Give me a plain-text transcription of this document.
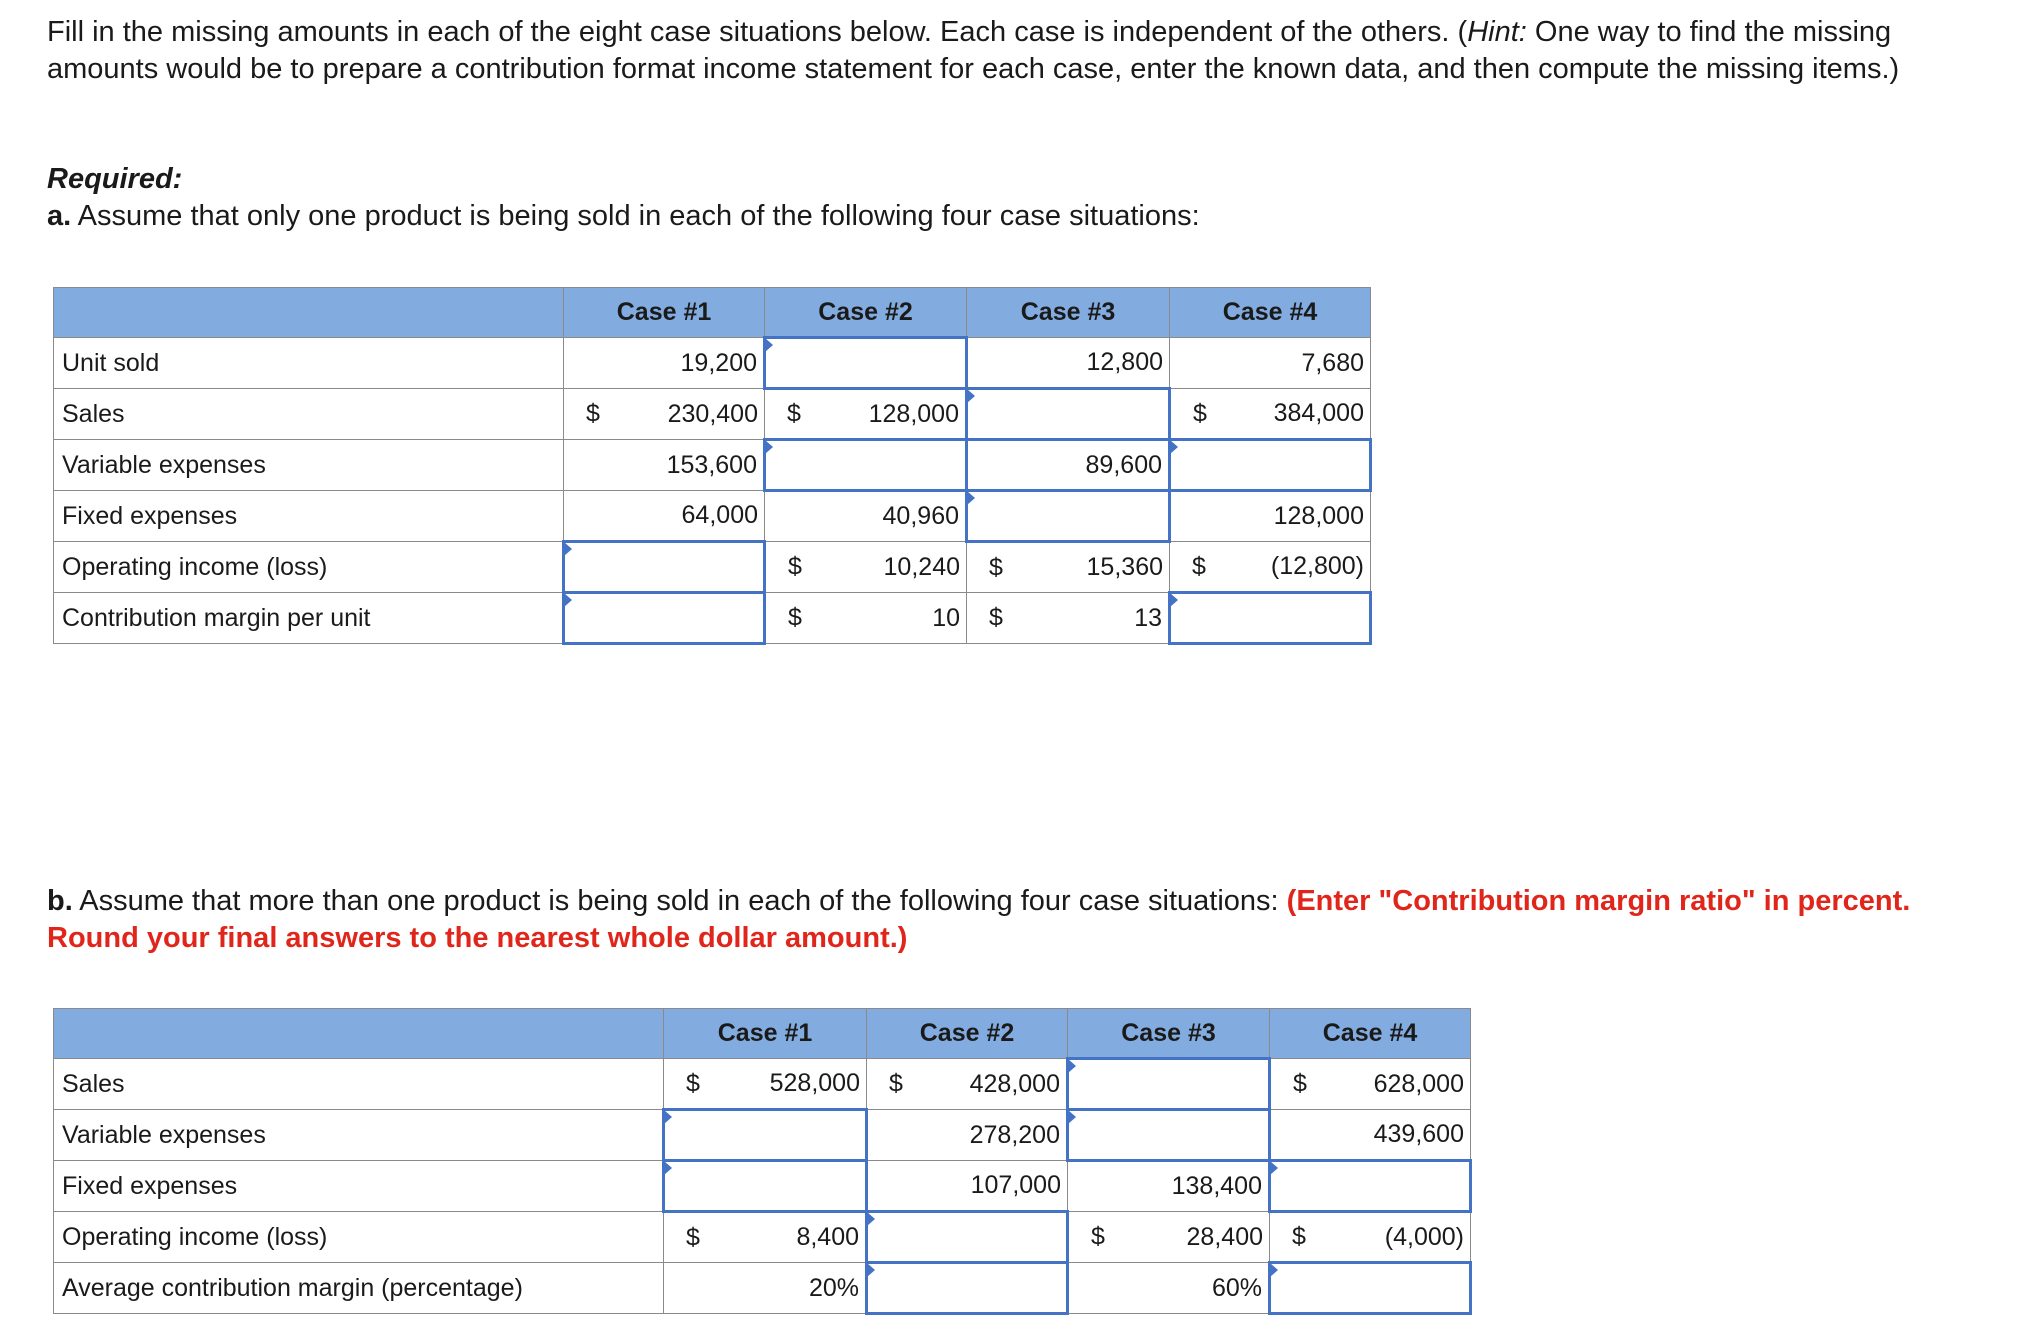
Fill in the missing amounts in each of the eight case situations below. Each case is independent of the others. (Hint: One way to find the missing amounts would be to prepare a contribution format income statement for each case, enter the known data, and then compute the missing items.)

Required:

a. Assume that only one product is being sold in each of the following four case situations:

	Case #1	Case #2	Case #3	Case #4
Unit sold	19,200		12,800	7,680
Sales	$ 230,400	$ 128,000		$ 384,000
Variable expenses	153,600		89,600	

Fixed expenses	64,000	40,960		128,000
Operating income (loss)		$ 10,240	$ 15,360	$ (12,800)
Contribution margin per unit		$ 10	$ 13	

b. Assume that more than one product is being sold in each of the following four case situations: (Enter "Contribution margin ratio" in percent. Round your final answers to the nearest whole dollar amount.)

	Case #1	Case #2	Case #3	Case #4
Sales	$ 528,000	$ 428,000		$ 628,000
Variable expenses		278,200		439,600
Fixed expenses		107,000	138,400	

Operating income (loss)	$ 8,400		$ 28,400	$ (4,000)
Average contribution margin (percentage)	20%		60%	
